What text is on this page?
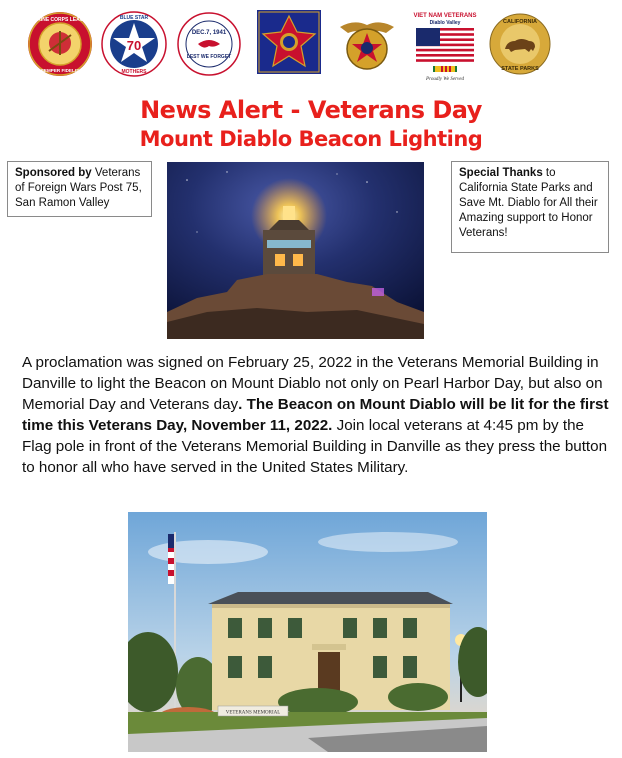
MARINE CORPS LEAGUE
SEMPER FIDELIS
70
BLUE STAR
MOTHERS
DEC.7, 1941
LEST WE FORGET
VIET NAM VETERANS
Diablo Valley
Proudly We Served
CALIFORNIA
STATE PARKS
News Alert - Veterans Day
Mount Diablo Beacon Lighting
Sponsored by Veterans of Foreign Wars Post 75, San Ramon Valley
Special Thanks to California State Parks and Save Mt. Diablo for All their Amazing support to Honor Veterans!
A proclamation was signed on February 25, 2022 in the Veterans Memorial Building in Danville to light the Beacon on Mount Diablo not only on Pearl Harbor Day, but also on Memorial Day and Veterans day. The Beacon on Mount Diablo will be lit for the first time this Veterans Day, November 11, 2022. Join local veterans at 4:45 pm by the Flag pole in front of the Veterans Memorial Building in Danville as they press the button to honor all who have served in the United States Military.
VETERANS MEMORIAL
